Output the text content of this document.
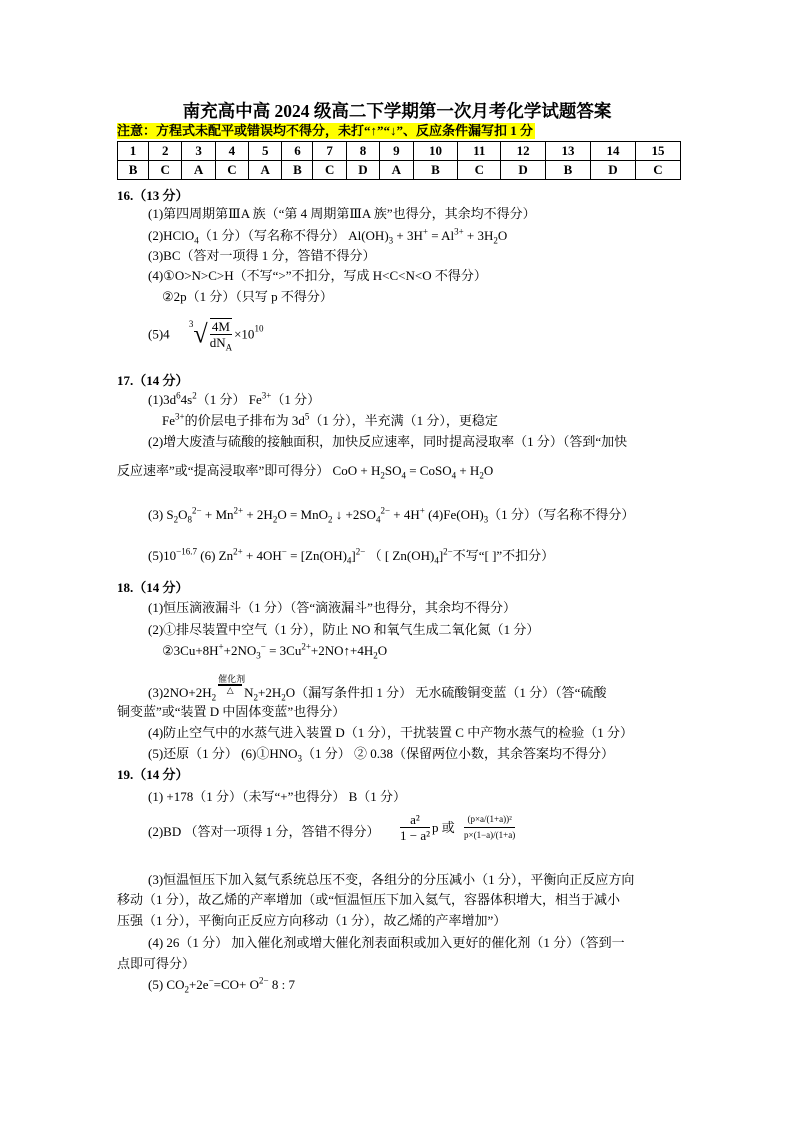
南充高中高 2024 级高二下学期第一次月考化学试题答案
注意：方程式未配平或错误均不得分，未打“↑”“↓”、反应条件漏写扣 1 分
1	2	3	4	5	6	7	8	9	10	11	12	13	14	15
B	C	A	C	A	B	C	D	A	B	C	D	B	D	C
16.（13 分）
(1)第四周期第ⅢA 族（“第 4 周期第ⅢA 族”也得分，其余均不得分）
(2)HClO$_4$（1 分）（写名称不得分） $Al(OH)_3 + 3H^+ = Al^{3+} + 3H_2O$
(3)BC（答对一项得 1 分，答错不得分）
(4)①O>N>C>H（不写“>”不扣分，写成 H<C<N<O 不得分）
②2p（1 分）（只写 p 不得分）
(5)4 $^3√ \frac{4M}{dN_A} \times 10^{10}$
17.（14 分）
$(1)3d^64s^2(1$ 分） $Fe^{3+}(1$ 分）
$Fe^{3+}$的价层电子排布为 $3d^5(1$ 分），半充满（1 分），更稳定
(2)增大废渣与硫酸的接触面积，加快反应速率，同时提高浸取率（1 分）（答到“加快
反应速率”或“提高浸取率”即可得分） CoO + $H_2SO_4$ = CoSO$_4$ + $H_2O$
(3) $S_2O_8^{2-} + Mn^{2+} + 2H_2O = MnO_2$ ↓ $+2SO_4^{2-} + 4H^+$ $(4)Fe(OH)_3(1$ 分）（写名称不得分）
$(5)10^{-16.7}$ (6) $Zn^{2+} + 4OH^- = [Zn(OH)_4]^{2-}$ （ [ $Zn(OH)_4]^{2-}$不写“[ ]”不扣分）
18.（14 分）
(1)恒压滴液漏斗（1 分）（答“滴液漏斗”也得分，其余均不得分）
(2)①排尽装置中空气（1 分），防止 NO 和氧气生成二氧化氮（1 分）
$②3Cu+8H^++2NO_3^-$ = $3Cu^{2+}+2NO↑+4H_2O$
$(3)2NO+2H_2$
$\frac{\text{催化剂}}{\triangle} N_2+2H_2O$（漏写条件扣 1 分） 无水硫酸铜变蓝（1 分）（答“硫酸
铜变蓝”或“装置 D 中固体变蓝”也得分）
(4)防止空气中的水蒸气进入装置 D（1 分），干扰装置 C 中产物水蒸气的检验（1 分）
(5)还原（1 分） $(6)①HNO_3(1$ 分） ② 0.38（保留两位小数，其余答案均不得分）
19.（14 分）
(1) +178（1 分）（未写“+”也得分） B（1 分）
(2)BD （答对一项得 1 分，答错不得分） $\frac{\text{a²}}{\text{1 − a²}}$ p 或 $\frac{\text{(p×a/(1+a))²}}{p\times(1-a)/(1+a)}$
(3)恒温恒压下加入氦气系统总压不变，各组分的分压减小（1 分），平衡向正反应方向
移动（1 分），故乙烯的产率增加（或“恒温恒压下加入氦气，容器体积增大，相当于减小
压强（1 分），平衡向正反应方向移动（1 分），故乙烯的产率增加”）
(4) 26（1 分） 加入催化剂或增大催化剂表面积或加入更好的催化剂（1 分）（答到一
点即可得分）
(5) $CO_2+2e^-=CO+ O^{2-}$ 8 : 7
